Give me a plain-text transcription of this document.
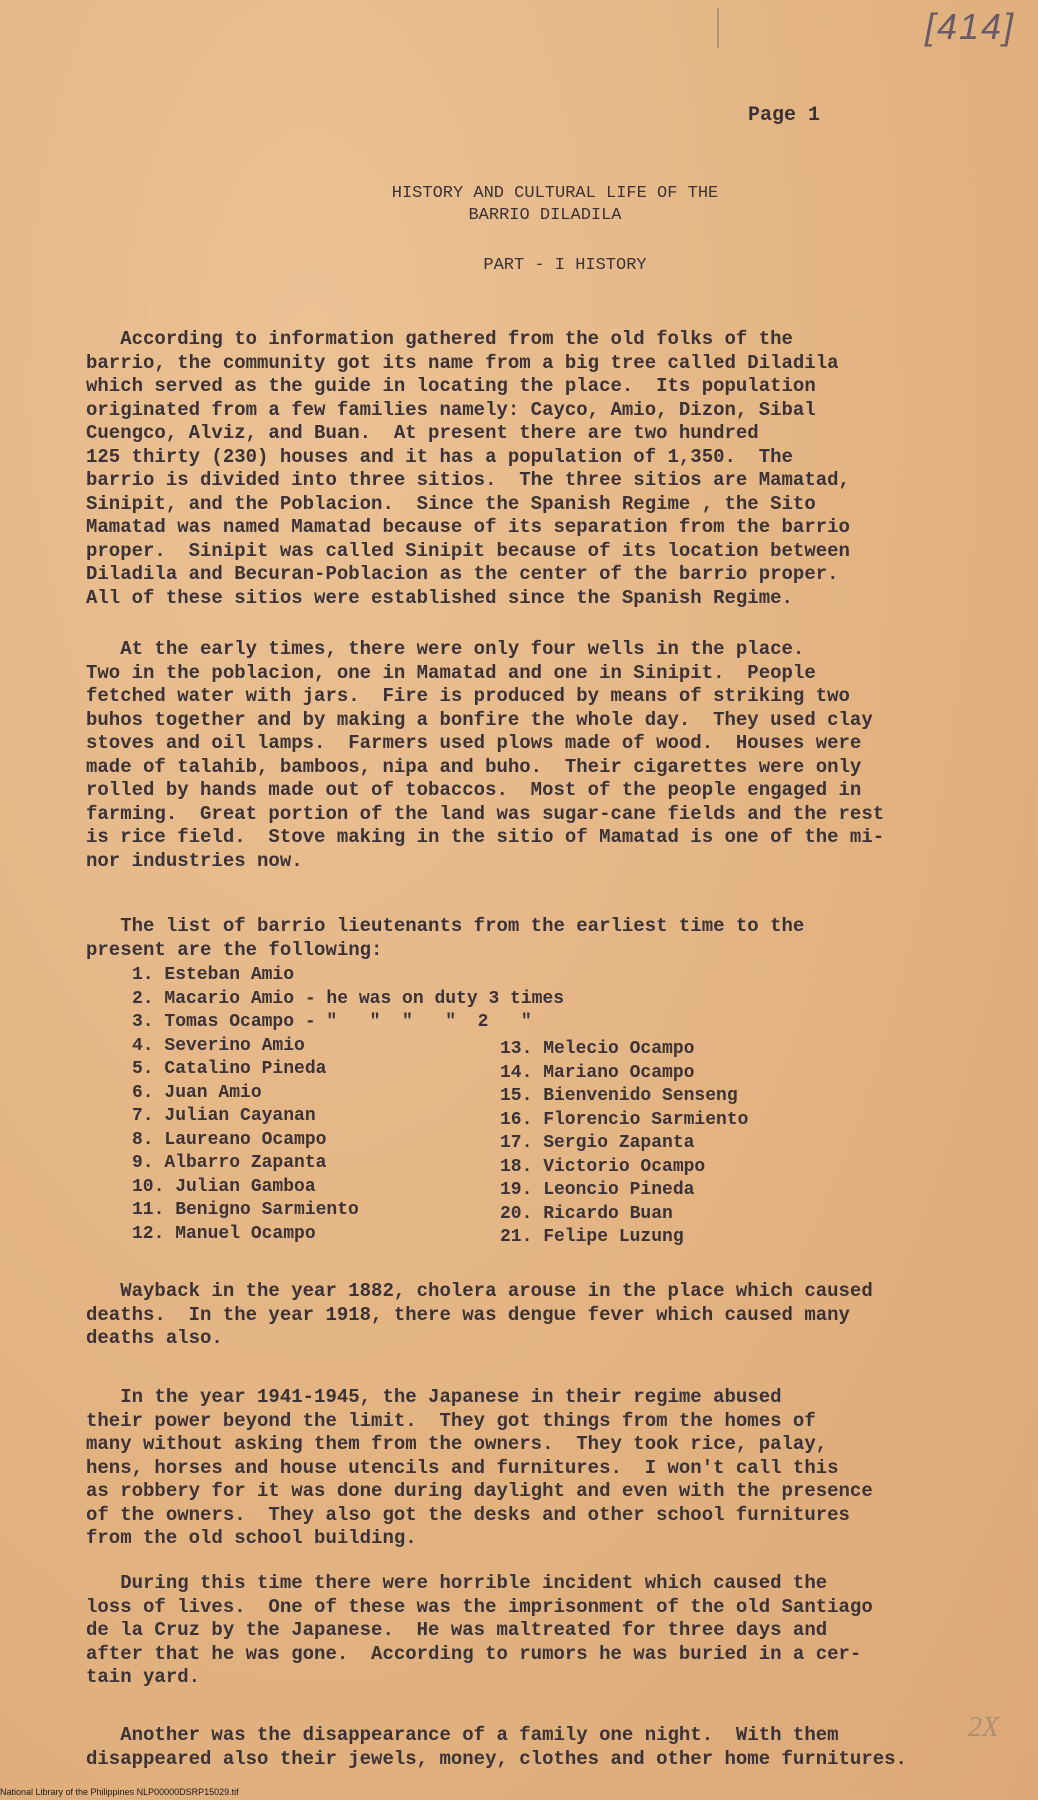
[414]
Page 1
HISTORY AND CULTURAL LIFE OF THE
BARRIO DILADILA
PART - I HISTORY
According to information gathered from the old folks of the
barrio, the community got its name from a big tree called Diladila
which served as the guide in locating the place.  Its population
originated from a few families namely: Cayco, Amio, Dizon, Sibal
Cuengco, Alviz, and Buan.  At present there are two hundred
125 thirty (230) houses and it has a population of 1,350.  The
barrio is divided into three sitios.  The three sitios are Mamatad,
Sinipit, and the Poblacion.  Since the Spanish Regime , the Sito
Mamatad was named Mamatad because of its separation from the barrio
proper.  Sinipit was called Sinipit because of its location between
Diladila and Becuran-Poblacion as the center of the barrio proper.
All of these sitios were established since the Spanish Regime.
At the early times, there were only four wells in the place.
Two in the poblacion, one in Mamatad and one in Sinipit.  People
fetched water with jars.  Fire is produced by means of striking two
buhos together and by making a bonfire the whole day.  They used clay
stoves and oil lamps.  Farmers used plows made of wood.  Houses were
made of talahib, bamboos, nipa and buho.  Their cigarettes were only
rolled by hands made out of tobaccos.  Most of the people engaged in
farming.  Great portion of the land was sugar-cane fields and the rest
is rice field.  Stove making in the sitio of Mamatad is one of the mi-
nor industries now.
The list of barrio lieutenants from the earliest time to the
present are the following:
1. Esteban Amio
2. Macario Amio - he was on duty 3 times
3. Tomas Ocampo - "   "  "   "  2   "
4. Severino Amio
5. Catalino Pineda
6. Juan Amio
7. Julian Cayanan
8. Laureano Ocampo
9. Albarro Zapanta
10. Julian Gamboa
11. Benigno Sarmiento
12. Manuel Ocampo
13. Melecio Ocampo
14. Mariano Ocampo
15. Bienvenido Senseng
16. Florencio Sarmiento
17. Sergio Zapanta
18. Victorio Ocampo
19. Leoncio Pineda
20. Ricardo Buan
21. Felipe Luzung
Wayback in the year 1882, cholera arouse in the place which caused
deaths.  In the year 1918, there was dengue fever which caused many
deaths also.
In the year 1941-1945, the Japanese in their regime abused
their power beyond the limit.  They got things from the homes of
many without asking them from the owners.  They took rice, palay,
hens, horses and house utencils and furnitures.  I won't call this
as robbery for it was done during daylight and even with the presence
of the owners.  They also got the desks and other school furnitures
from the old school building.
During this time there were horrible incident which caused the
loss of lives.  One of these was the imprisonment of the old Santiago
de la Cruz by the Japanese.  He was maltreated for three days and
after that he was gone.  According to rumors he was buried in a cer-
tain yard.
Another was the disappearance of a family one night.  With them
disappeared also their jewels, money, clothes and other home furnitures.
2X
National Library of the Philippines NLP00000DSRP15029.tif
